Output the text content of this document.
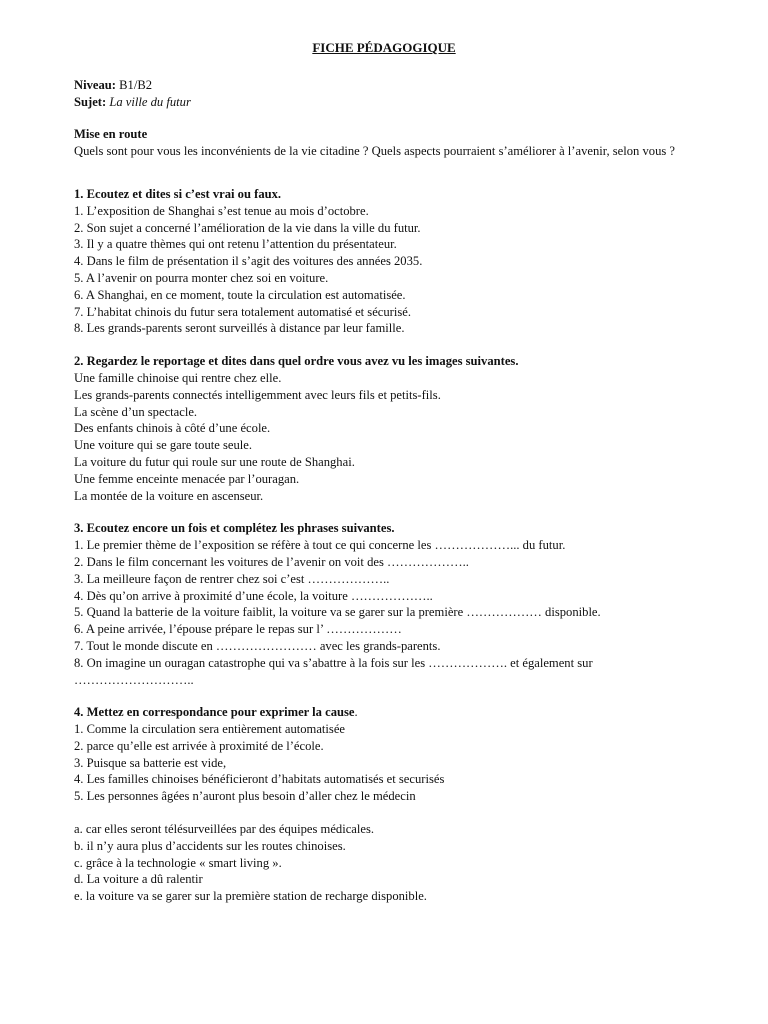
FICHE PÉDAGOGIQUE

Niveau: B1/B2

Sujet: La ville du futur

Mise en route

Quels sont pour vous les inconvénients de la vie citadine ? Quels aspects pourraient s’améliorer à l’avenir, selon vous ?

1. Ecoutez et dites si c’est vrai ou faux.

1. L’exposition de Shanghai s’est tenue au mois d’octobre.

2. Son sujet a concerné l’amélioration de la vie dans la ville du futur.

3. Il y a quatre thèmes qui ont retenu l’attention du présentateur.

4. Dans le film de présentation il s’agit des voitures des années 2035.

5. A l’avenir on pourra monter chez soi en voiture.

6. A Shanghai, en ce moment, toute la circulation est automatisée.

7. L’habitat chinois du futur sera totalement automatisé et sécurisé.

8. Les grands-parents seront surveillés à distance par leur famille.

2. Regardez le reportage et dites dans quel ordre vous avez vu les images suivantes.

Une famille chinoise qui rentre chez elle.

Les grands-parents connectés intelligemment avec leurs fils et petits-fils.

La scène d’un spectacle.

Des enfants chinois à côté d’une école.

Une voiture qui se gare toute seule.

La voiture du futur qui roule sur une route de Shanghai.

Une femme enceinte menacée par l’ouragan.

La montée de la voiture en ascenseur.

3. Ecoutez encore un fois et complétez les phrases suivantes.

1. Le premier thème de l’exposition se réfère à tout ce qui concerne les ………………... du futur.

2. Dans le film concernant les voitures de l’avenir on voit des ………………..

3. La meilleure façon de rentrer chez soi c’est ………………..

4. Dès qu’on arrive à proximité d’une école, la voiture ………………..

5. Quand la batterie de la voiture faiblit, la voiture va se garer sur la première ……………… disponible.

6. A peine arrivée, l’épouse prépare le repas sur l’ ………………

7. Tout le monde discute en …………………… avec les grands-parents.

8. On imagine un ouragan catastrophe qui va s’abattre à la fois sur les ………………. et également sur ………………………..

4. Mettez en correspondance pour exprimer la cause.

1. Comme la circulation sera entièrement automatisée

2. parce qu’elle est arrivée à proximité de l’école.

3. Puisque sa batterie est vide,

4. Les familles chinoises bénéficieront d’habitats automatisés et securisés

5. Les personnes âgées n’auront plus besoin d’aller chez le médecin

a. car elles seront télésurveillées par des équipes médicales.

b. il n’y aura plus d’accidents sur les routes chinoises.

c. grâce à la technologie « smart living ».

d. La voiture a dû ralentir

e. la voiture va se garer sur la première station de recharge disponible.
